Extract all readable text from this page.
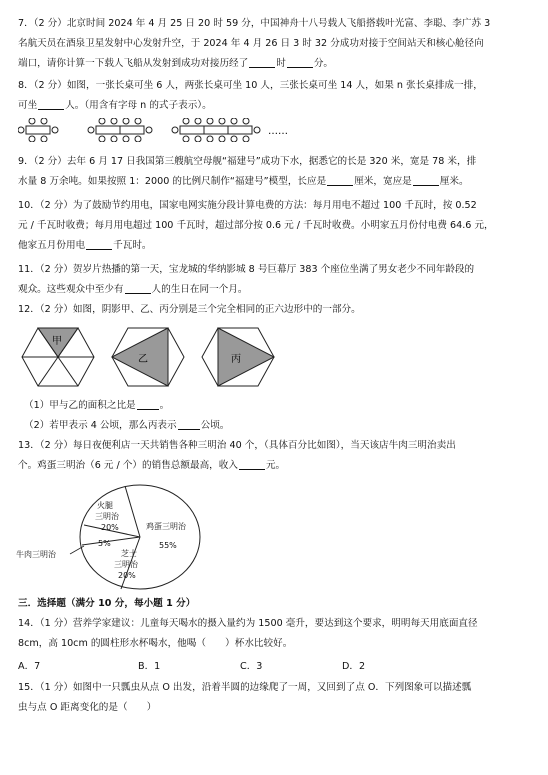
7．（2 分）北京时间 2024 年 4 月 25 日 20 时 59 分，中国神舟十八号载人飞船搭载叶光富、李聪、李广苏 3

名航天员在酒泉卫星发射中心发射升空，于 2024 年 4 月 26 日 3 时 32 分成功对接于空间站天和核心舱径向

端口，请你计算一下载人飞船从发射到成功对接历经了	时	分。

8．（2 分）如图，一张长桌可坐 6 人，两张长桌可坐 10 人，三张长桌可坐 14 人，如果 n 张长桌排成一排，

可坐	人。（用含有字母 n 的式子表示）。

……

9．（2 分）去年 6 月 17 日我国第三艘航空母舰“福建号”成功下水，据悉它的长是 320 米，宽是 78 米，排

水量 8 万余吨。如果按照 1：2000 的比例尺制作“福建号”模型，长应是	厘米，宽应是	厘米。

10．（2 分）为了鼓励节约用电，国家电网实施分段计算电费的方法：每月用电不超过 100 千瓦时，按 0.52

元 / 千瓦时收费；每月用电超过 100 千瓦时，超过部分按 0.6 元 / 千瓦时收费。小明家五月份付电费 64.6 元，

他家五月份用电	千瓦时。

11．（2 分）贺岁片热播的第一天，宝龙城的华纳影城 8 号巨幕厅 383 个座位坐满了男女老少不同年龄段的

观众。这些观众中至少有	人的生日在同一个月。

12．（2 分）如图，阴影甲、乙、丙分别是三个完全相同的正六边形中的一部分。

甲
乙	丙

（1）甲与乙的面积之比是	。

（2）若甲表示 4 公顷，那么丙表示	公顷。

13．（2 分）每日夜便利店一天共销售各种三明治 40 个，（具体百分比如图），当天该店牛肉三明治卖出

个。鸡蛋三明治（6 元 / 个）的销售总额最高，收入	元。

火腿
三明治
20%	鸡蛋三明治
55%
5%
牛肉三明治	芝士
三明治
20%

三．选择题（满分 10 分，每小题 1 分）

14．（1 分）营养学家建议：儿童每天喝水的摄入量约为 1500 毫升，要达到这个要求，明明每天用底面直径

8cm，高 10cm 的圆柱形水杯喝水，他喝（　　）杯水比较好。

A．7	B．1	C．3	D．2

15．（1 分）如图中一只瓢虫从点 O 出发，沿着半圆的边缘爬了一周，又回到了点 O．下列图象可以描述瓢

虫与点 O 距离变化的是（　　）
